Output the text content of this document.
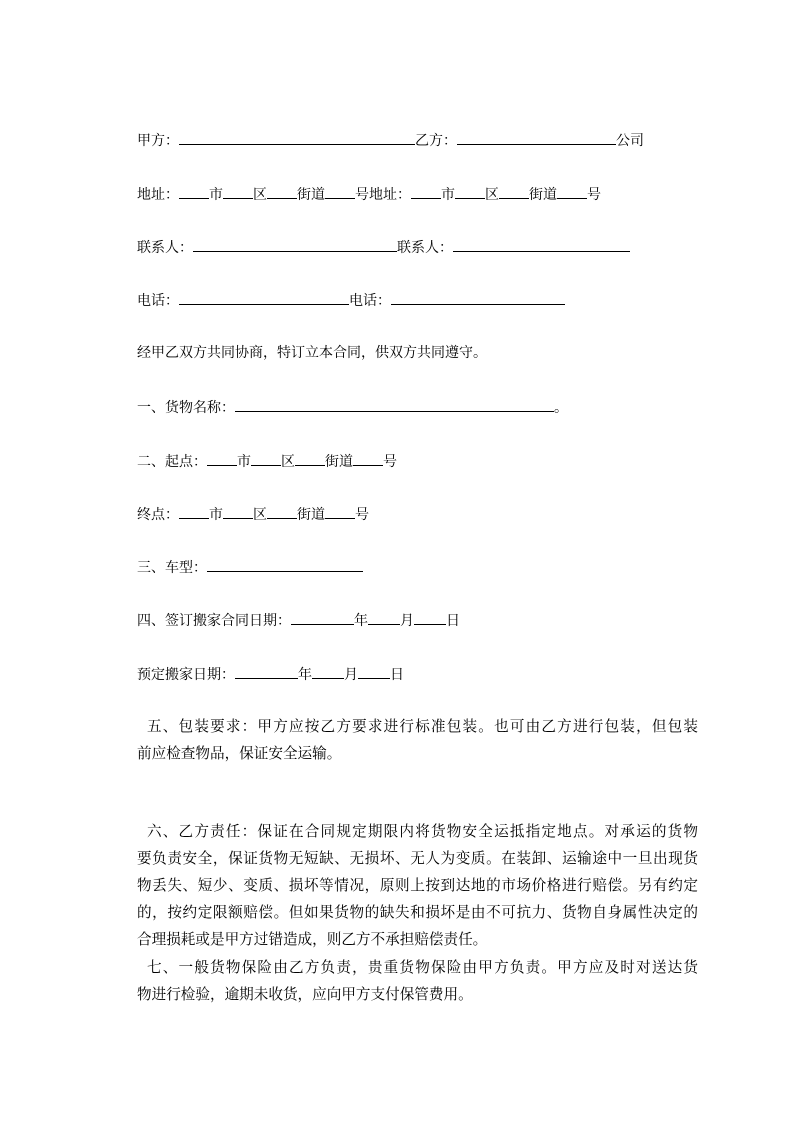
甲方：	乙方：	公司
地址： 市 区 街道 号地址： 市 区 街道 号
联系人：	联系人：
电话：	电话：
经甲乙双方共同协商，特订立本合同，供双方共同遵守。
一、货物名称：	。
二、起点： 市 区 街道 号
终点： 市 区 街道 号
三、车型：
四、签订搬家合同日期：	年 月 日
预定搬家日期：	年 月 日
五、包装要求：甲方应按乙方要求进行标准包装。也可由乙方进行包装，但包装
前应检查物品，保证安全运输。
六、乙方责任：保证在合同规定期限内将货物安全运抵指定地点。对承运的货物
要负责安全，保证货物无短缺、无损坏、无人为变质。在装卸、运输途中一旦出现货
物丢失、短少、变质、损坏等情况，原则上按到达地的市场价格进行赔偿。另有约定
的，按约定限额赔偿。但如果货物的缺失和损坏是由不可抗力、货物自身属性决定的
合理损耗或是甲方过错造成，则乙方不承担赔偿责任。
七、一般货物保险由乙方负责，贵重货物保险由甲方负责。甲方应及时对送达货
物进行检验，逾期未收货，应向甲方支付保管费用。
